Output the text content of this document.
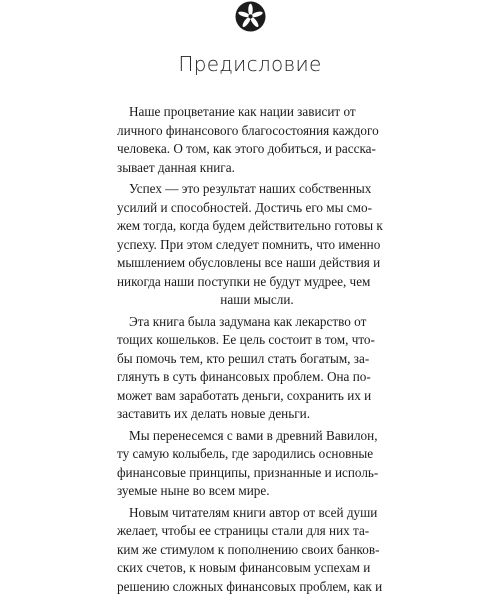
Предисловие
Наше процветание как нации зависит от
личного финансового благосостояния каждого
человека. О том, как этого добиться, и расска-
зывает данная книга.
Успех — это результат наших собственных
усилий и способностей. Достичь его мы смо-
жем тогда, когда будем действительно готовы к
успеху. При этом следует помнить, что именно
мышлением обусловлены все наши действия и
никогда наши поступки не будут мудрее, чем
наши мысли.
Эта книга была задумана как лекарство от
тощих кошельков. Ее цель состоит в том, что-
бы помочь тем, кто решил стать богатым, за-
глянуть в суть финансовых проблем. Она по-
может вам заработать деньги, сохранить их и
заставить их делать новые деньги.
Мы перенесемся с вами в древний Вавилон,
ту самую колыбель, где зародились основные
финансовые принципы, признанные и исполь-
зуемые ныне во всем мире.
Новым читателям книги автор от всей души
желает, чтобы ее страницы стали для них та-
ким же стимулом к пополнению своих банков-
ских счетов, к новым финансовым успехам и
решению сложных финансовых проблем, как и
